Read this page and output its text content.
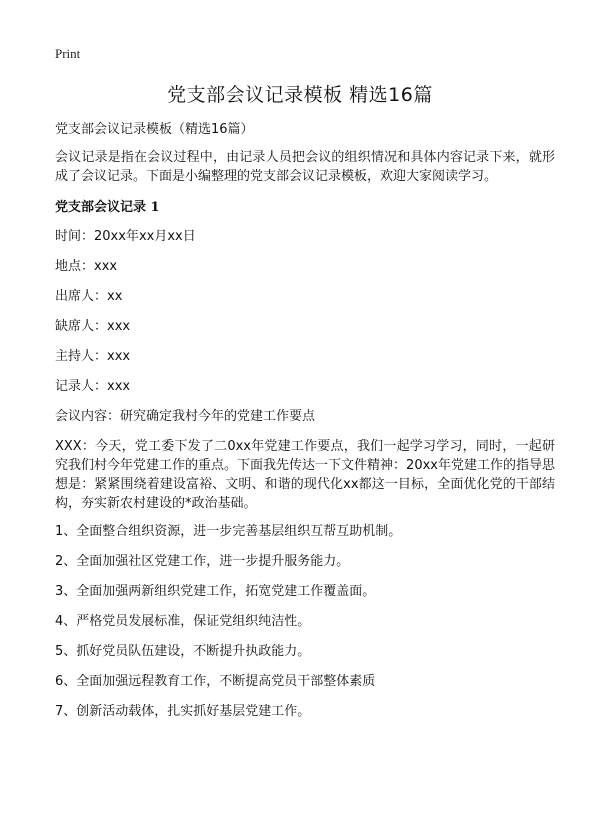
Print
党支部会议记录模板 精选16篇

党支部会议记录模板（精选16篇）

会议记录是指在会议过程中，由记录人员把会议的组织情况和具体内容记录下来，就形成了会议记录。下面是小编整理的党支部会议记录模板，欢迎大家阅读学习。

党支部会议记录 1
时间：20xx年xx月xx日
地点：xxx
出席人：xx
缺席人：xxx
主持人：xxx
记录人：xxx
会议内容：研究确定我村今年的党建工作要点

XXX：今天，党工委下发了二0xx年党建工作要点，我们一起学习学习，同时，一起研究我们村今年党建工作的重点。下面我先传达一下文件精神：20xx年党建工作的指导思想是：紧紧围绕着建设富裕、文明、和谐的现代化xx都这一目标，全面优化党的干部结构，夯实新农村建设的*政治基础。

1、全面整合组织资源，进一步完善基层组织互帮互助机制。
2、全面加强社区党建工作，进一步提升服务能力。
3、全面加强两新组织党建工作，拓宽党建工作覆盖面。
4、严格党员发展标准，保证党组织纯洁性。
5、抓好党员队伍建设，不断提升执政能力。
6、全面加强远程教育工作，不断提高党员干部整体素质
7、创新活动载体，扎实抓好基层党建工作。
